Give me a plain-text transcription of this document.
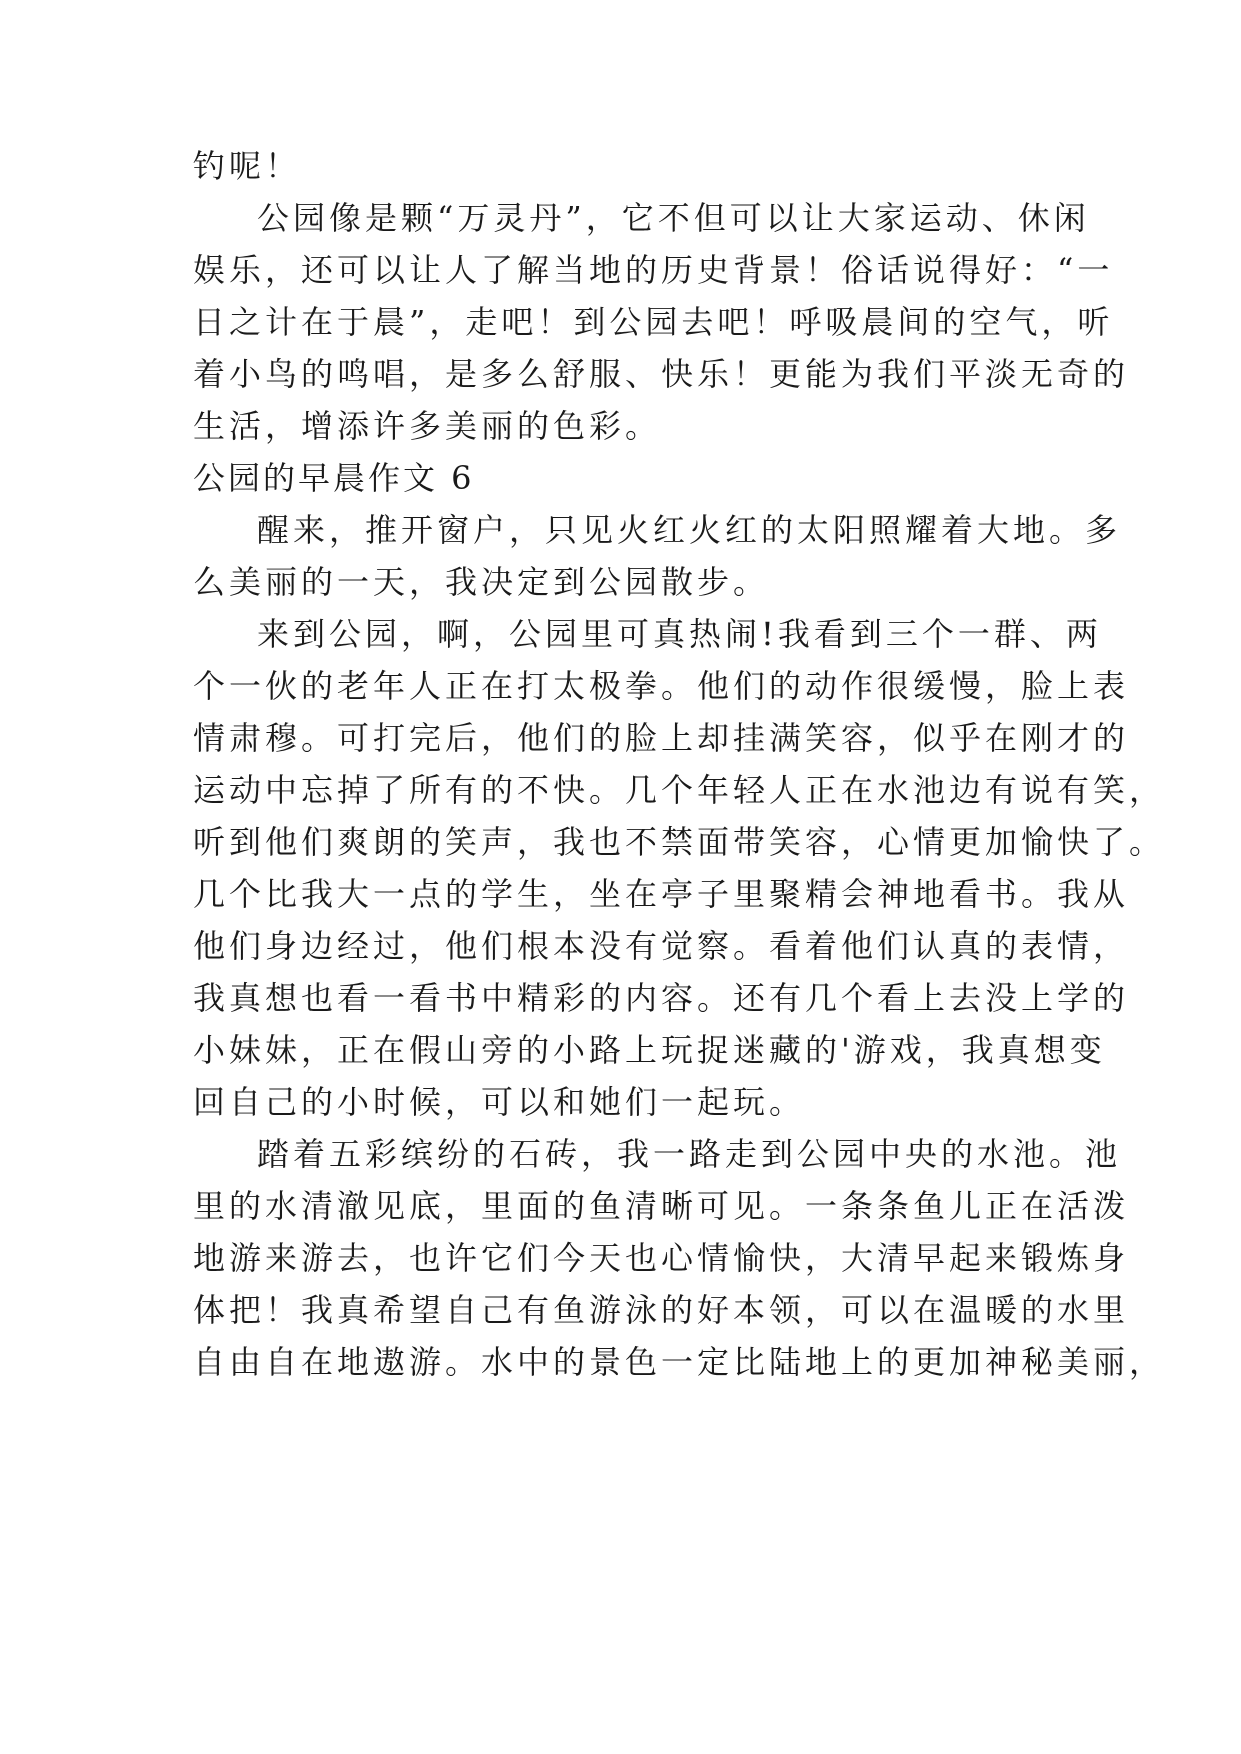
钓呢！

公园像是颗“万灵丹”，它不但可以让大家运动、休闲

娱乐，还可以让人了解当地的历史背景！俗话说得好：“一

日之计在于晨”，走吧！到公园去吧！呼吸晨间的空气，听

着小鸟的鸣唱，是多么舒服、快乐！更能为我们平淡无奇的

生活，增添许多美丽的色彩。

公园的早晨作文 6

醒来，推开窗户，只见火红火红的太阳照耀着大地。多

么美丽的一天，我决定到公园散步。

来到公园，啊，公园里可真热闹!我看到三个一群、两

个一伙的老年人正在打太极拳。他们的动作很缓慢，脸上表

情肃穆。可打完后，他们的脸上却挂满笑容，似乎在刚才的

运动中忘掉了所有的不快。几个年轻人正在水池边有说有笑，

听到他们爽朗的笑声，我也不禁面带笑容，心情更加愉快了。

几个比我大一点的学生，坐在亭子里聚精会神地看书。我从

他们身边经过，他们根本没有觉察。看着他们认真的表情，

我真想也看一看书中精彩的内容。还有几个看上去没上学的

小妹妹，正在假山旁的小路上玩捉迷藏的'游戏，我真想变

回自己的小时候，可以和她们一起玩。

踏着五彩缤纷的石砖，我一路走到公园中央的水池。池

里的水清澈见底，里面的鱼清晰可见。一条条鱼儿正在活泼

地游来游去，也许它们今天也心情愉快，大清早起来锻炼身

体把！我真希望自己有鱼游泳的好本领，可以在温暖的水里

自由自在地遨游。水中的景色一定比陆地上的更加神秘美丽，
